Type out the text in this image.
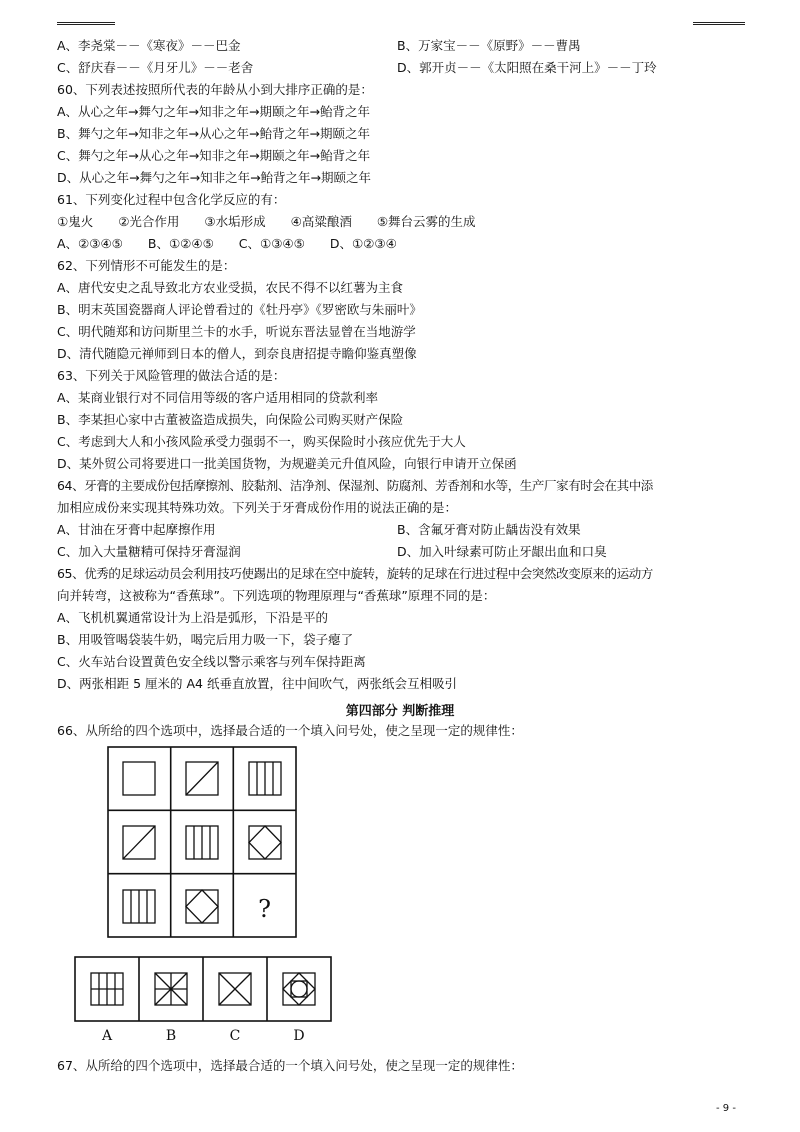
A、李尧棠－－《寒夜》－－巴金	B、万家宝－－《原野》－－曹禺
C、舒庆春－－《月牙儿》－－老舍	D、郭开贞－－《太阳照在桑干河上》－－丁玲
60、下列表述按照所代表的年龄从小到大排序正确的是：
A、从心之年→舞勺之年→知非之年→期颐之年→鲐背之年
B、舞勺之年→知非之年→从心之年→鲐背之年→期颐之年
C、舞勺之年→从心之年→知非之年→期颐之年→鲐背之年
D、从心之年→舞勺之年→知非之年→鲐背之年→期颐之年
61、下列变化过程中包含化学反应的有：
①鬼火　　②光合作用　　③水垢形成　　④高粱酿酒　　⑤舞台云雾的生成
A、②③④⑤　　B、①②④⑤　　C、①③④⑤　　D、①②③④
62、下列情形不可能发生的是：
A、唐代安史之乱导致北方农业受损，农民不得不以红薯为主食
B、明末英国瓷器商人评论曾看过的《牡丹亭》《罗密欧与朱丽叶》
C、明代随郑和访问斯里兰卡的水手，听说东晋法显曾在当地游学
D、清代随隐元禅师到日本的僧人，到奈良唐招提寺瞻仰鉴真塑像
63、下列关于风险管理的做法合适的是：
A、某商业银行对不同信用等级的客户适用相同的贷款利率
B、李某担心家中古董被盗造成损失，向保险公司购买财产保险
C、考虑到大人和小孩风险承受力强弱不一，购买保险时小孩应优先于大人
D、某外贸公司将要进口一批美国货物，为规避美元升值风险，向银行申请开立保函
64、牙膏的主要成份包括摩擦剂、胶黏剂、洁净剂、保湿剂、防腐剂、芳香剂和水等，生产厂家有时会在其中添
加相应成份来实现其特殊功效。下列关于牙膏成份作用的说法正确的是：
A、甘油在牙膏中起摩擦作用	B、含氟牙膏对防止龋齿没有效果
C、加入大量糖精可保持牙膏湿润	D、加入叶绿素可防止牙龈出血和口臭
65、优秀的足球运动员会利用技巧使踢出的足球在空中旋转，旋转的足球在行进过程中会突然改变原来的运动方
向并转弯，这被称为“香蕉球”。下列选项的物理原理与“香蕉球”原理不同的是：
A、飞机机翼通常设计为上沿是弧形，下沿是平的
B、用吸管喝袋装牛奶，喝完后用力吸一下，袋子瘪了
C、火车站台设置黄色安全线以警示乘客与列车保持距离
D、两张相距 5 厘米的 A4 纸垂直放置，往中间吹气，两张纸会互相吸引
第四部分 判断推理
66、从所给的四个选项中，选择最合适的一个填入问号处，使之呈现一定的规律性：
?
A	B	C	D
67、从所给的四个选项中，选择最合适的一个填入问号处，使之呈现一定的规律性：
- 9 -
